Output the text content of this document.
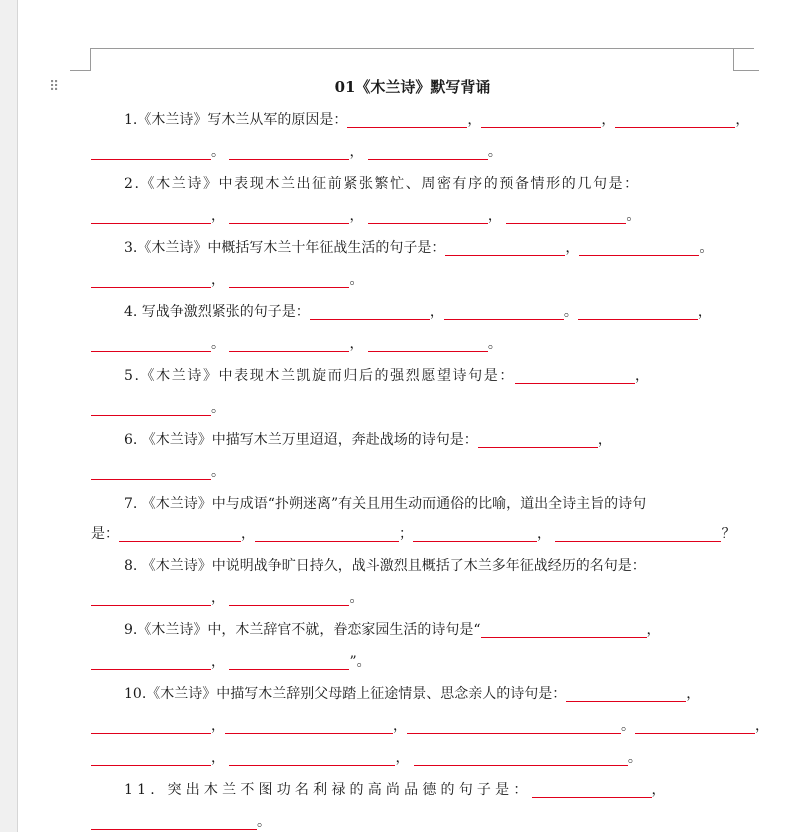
⠿	01《木兰诗》默写背诵
1.《木兰诗》写木兰从军的原因是：	，	，	，
。	，	。
2.《木兰诗》中表现木兰出征前紧张繁忙、周密有序的预备情形的几句是：
，	，	，	。
3.《木兰诗》中概括写木兰十年征战生活的句子是：	，	。
，	。
4. 写战争激烈紧张的句子是：	，	。	，
。	，	。
5.《木兰诗》中表现木兰凯旋而归后的强烈愿望诗句是：	，
。
6. 《木兰诗》中描写木兰万里迢迢，奔赴战场的诗句是：	，
。
7. 《木兰诗》中与成语“扑朔迷离”有关且用生动而通俗的比喻，道出全诗主旨的诗句
是：	，	；	，	？
8. 《木兰诗》中说明战争旷日持久，战斗激烈且概括了木兰多年征战经历的名句是：
，	。
9.《木兰诗》中，木兰辞官不就，眷恋家园生活的诗句是“	，
，	”。
10.《木兰诗》中描写木兰辞别父母踏上征途情景、思念亲人的诗句是：	，
，	，	。	，
，	，	。
11. 突出木兰不图功名利禄的高尚品德的句子是：	，
。
